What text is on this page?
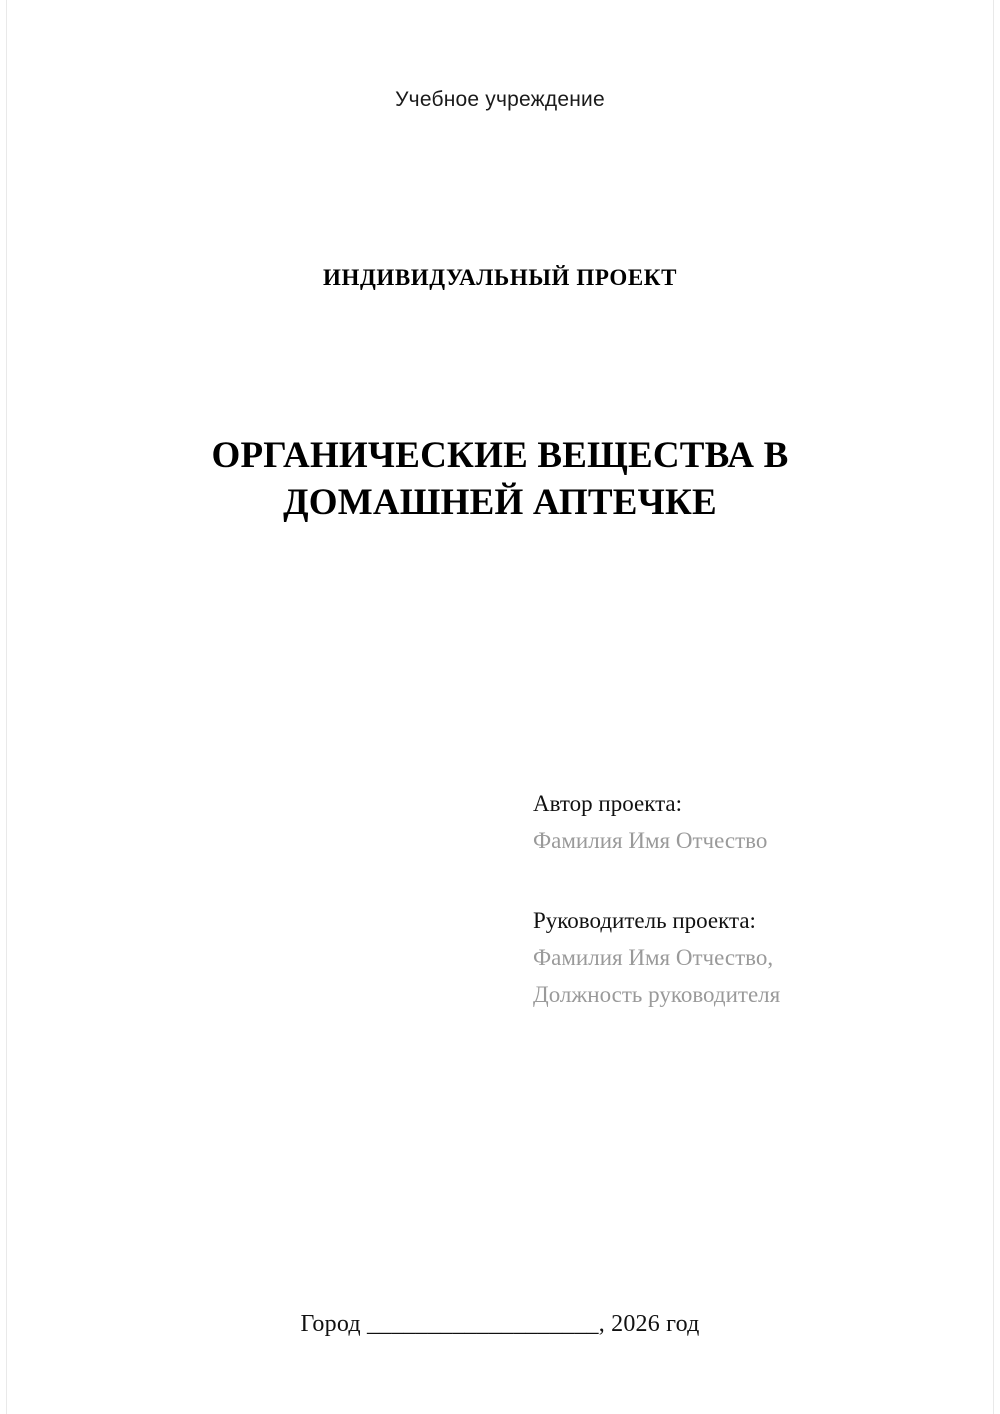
Учебное учреждение
ИНДИВИДУАЛЬНЫЙ ПРОЕКТ
ОРГАНИЧЕСКИЕ ВЕЩЕСТВА В
ДОМАШНЕЙ АПТЕЧКЕ
Автор проекта:
Фамилия Имя Отчество
Руководитель проекта:
Фамилия Имя Отчество,
Должность руководителя
Город ___________________, 2026 год
